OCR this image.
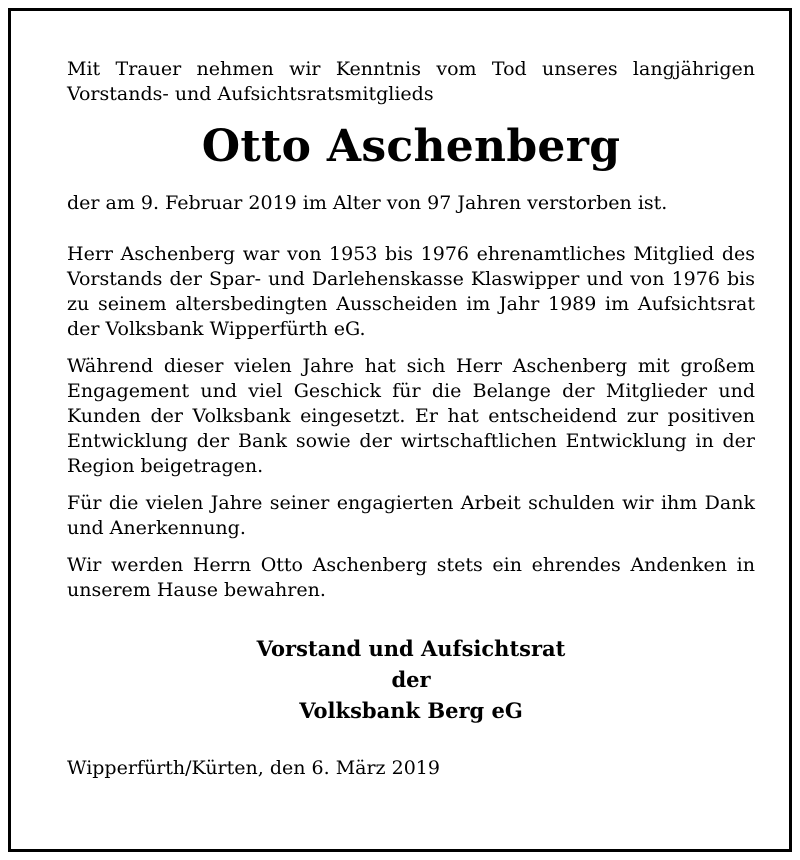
Mit Trauer nehmen wir Kenntnis vom Tod unseres langjährigen Vorstands- und Aufsichtsratsmitglieds

Otto Aschenberg

der am 9. Februar 2019 im Alter von 97 Jahren verstorben ist.

Herr Aschenberg war von 1953 bis 1976 ehrenamtliches Mitglied des Vorstands der Spar- und Darlehenskasse Klaswipper und von 1976 bis zu seinem altersbedingten Ausscheiden im Jahr 1989 im Aufsichtsrat der Volksbank Wipperfürth eG.

Während dieser vielen Jahre hat sich Herr Aschenberg mit großem Engagement und viel Geschick für die Belange der Mitglieder und Kunden der Volksbank eingesetzt. Er hat entscheidend zur positiven Entwicklung der Bank sowie der wirtschaftlichen Entwicklung in der Region beigetragen.

Für die vielen Jahre seiner engagierten Arbeit schulden wir ihm Dank und Anerkennung.

Wir werden Herrn Otto Aschenberg stets ein ehrendes Andenken in unserem Hause bewahren.

Vorstand und Aufsichtsrat
der
Volksbank Berg eG

Wipperfürth/Kürten, den 6. März 2019
